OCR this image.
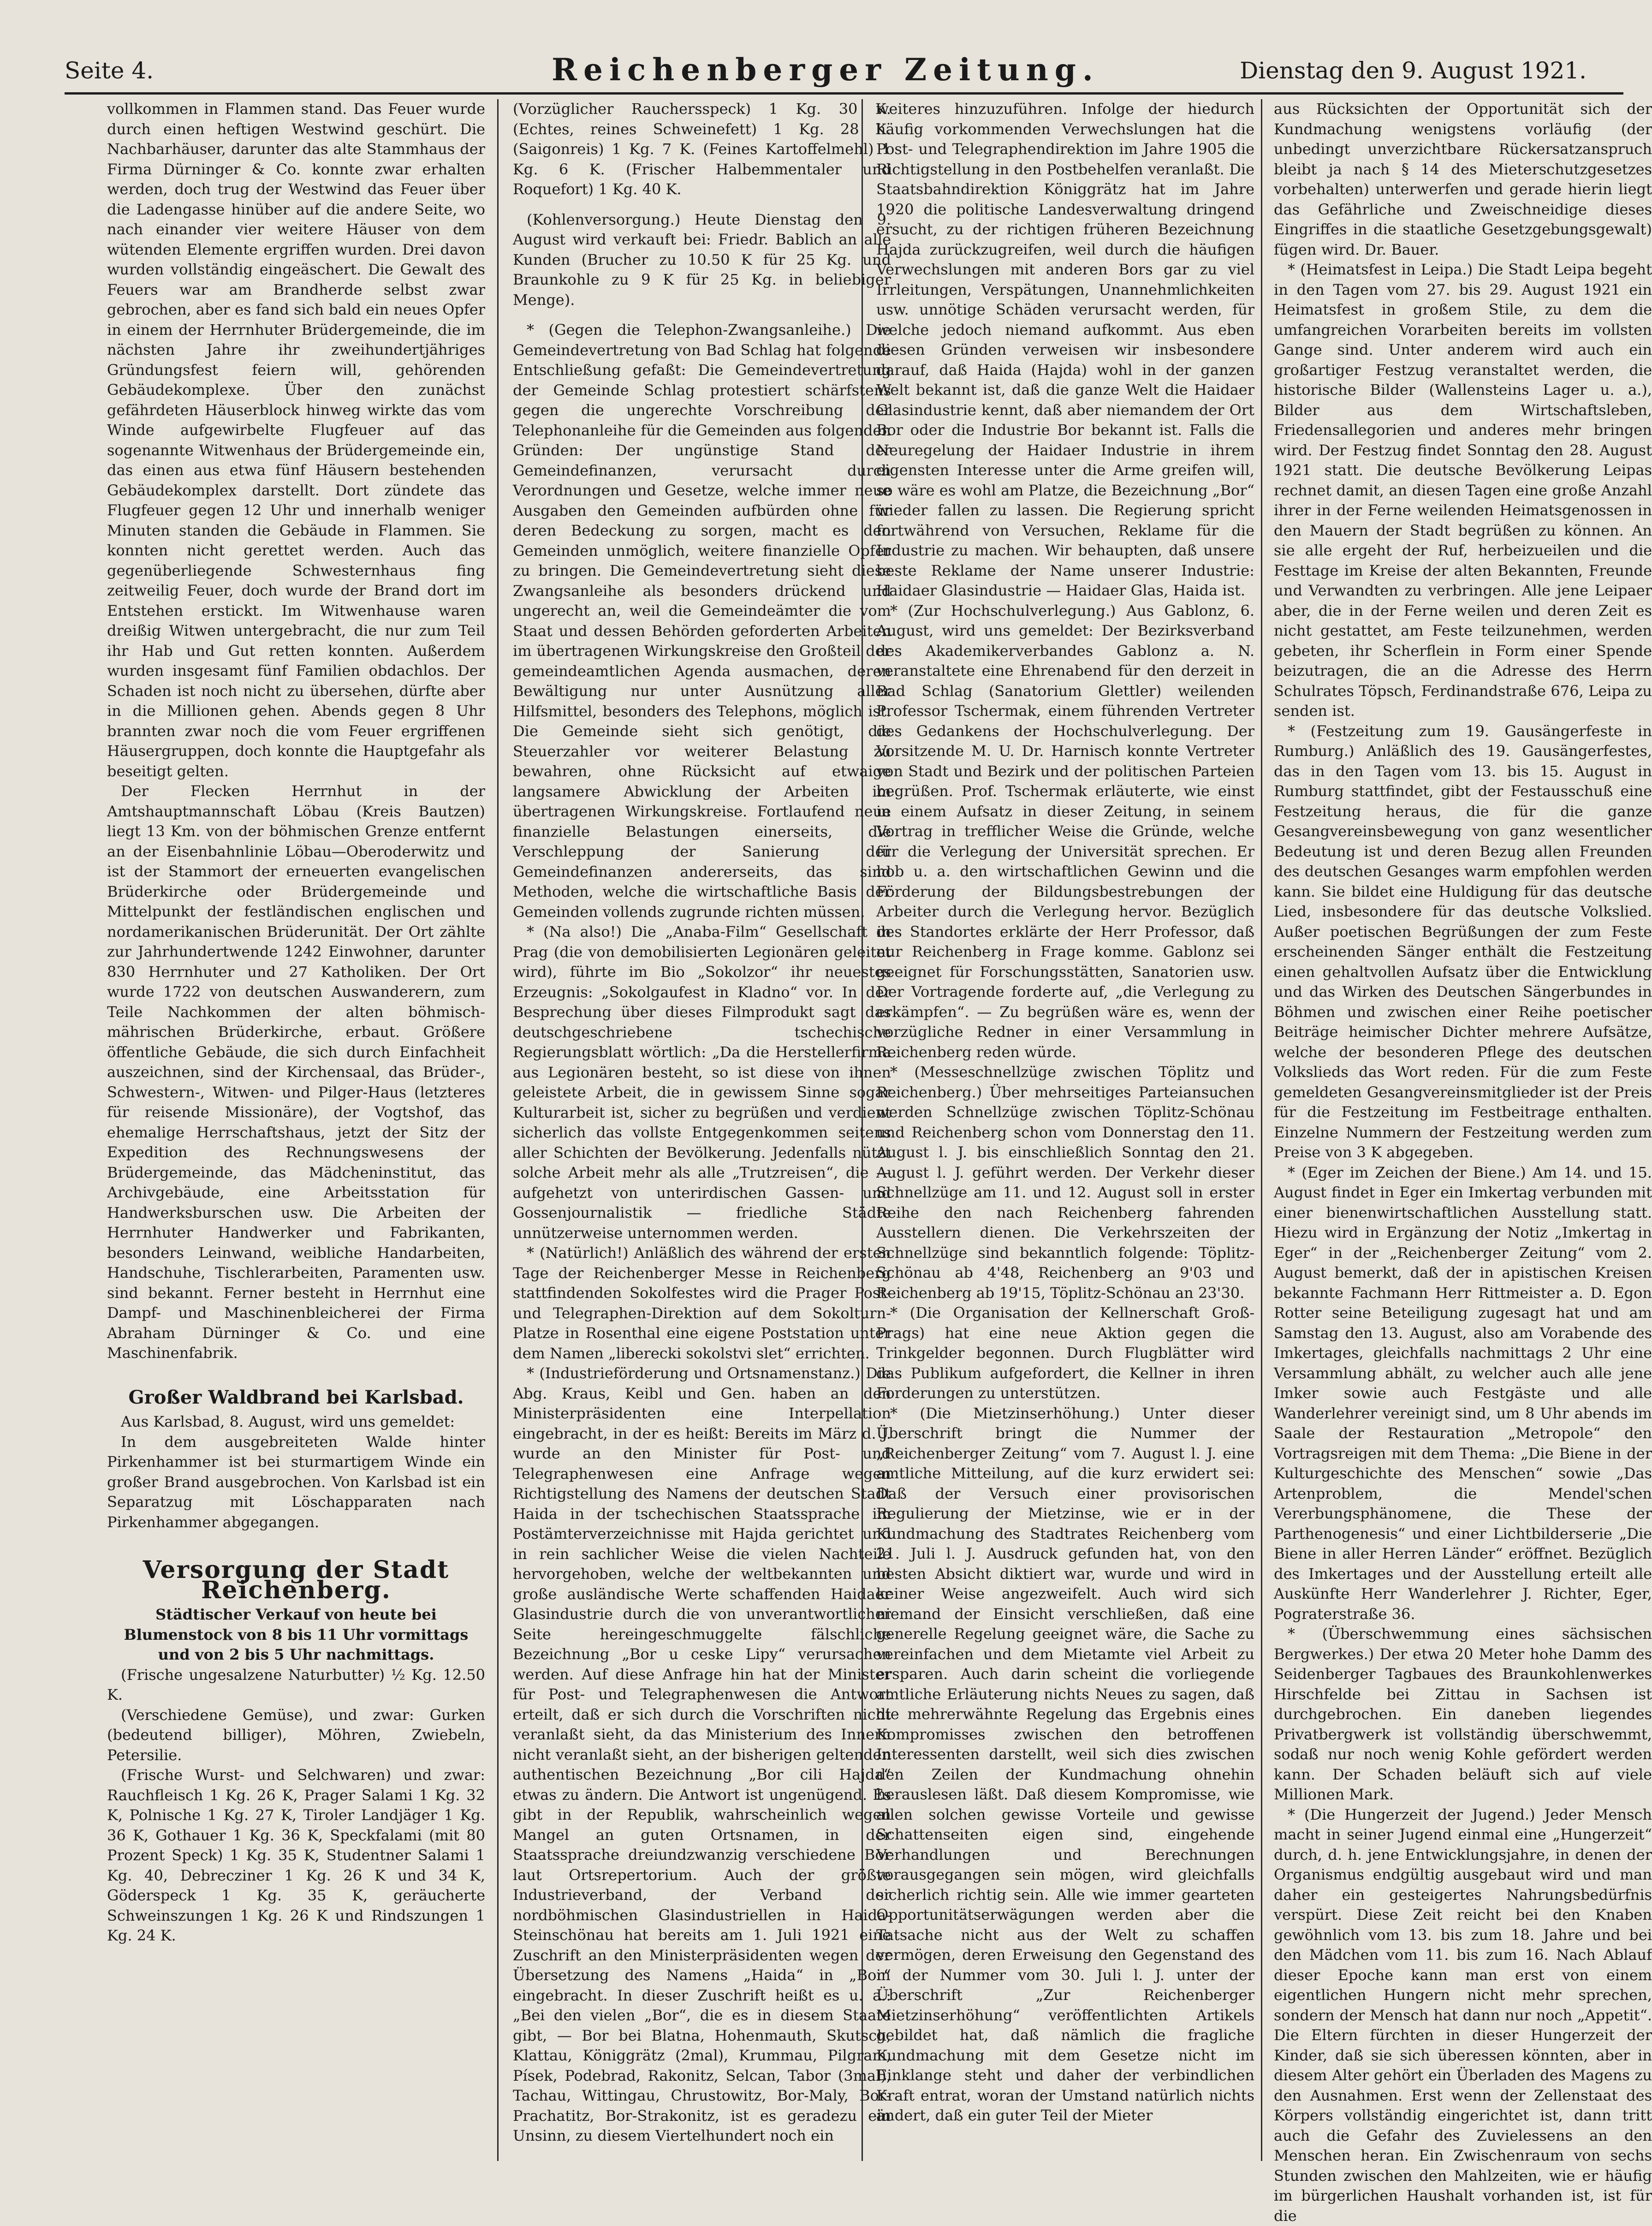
Seite 4.	Reichenberger Zeitung.	Dienstag den 9. August 1921.

vollkommen in Flammen stand. Das Feuer wurde durch einen heftigen Westwind geschürt. Die Nachbarhäuser, darunter das alte Stammhaus der Firma Dürninger & Co. konnte zwar erhalten werden, doch trug der Westwind das Feuer über die Ladengasse hinüber auf die andere Seite, wo nach einander vier weitere Häuser von dem wütenden Elemente ergriffen wurden. Drei davon wurden vollständig eingeäschert. Die Gewalt des Feuers war am Brandherde selbst zwar gebrochen, aber es fand sich bald ein neues Opfer in einem der Herrnhuter Brüdergemeinde, die im nächsten Jahre ihr zweihundertjähriges Gründungsfest feiern will, gehörenden Gebäudekomplexe. Über den zunächst gefährdeten Häuserblock hinweg wirkte das vom Winde aufgewirbelte Flugfeuer auf das sogenannte Witwenhaus der Brüdergemeinde ein, das einen aus etwa fünf Häusern bestehenden Gebäudekomplex darstellt. Dort zündete das Flugfeuer gegen 12 Uhr und innerhalb weniger Minuten standen die Gebäude in Flammen. Sie konnten nicht gerettet werden. Auch das gegenüberliegende Schwesternhaus fing zeitweilig Feuer, doch wurde der Brand dort im Entstehen erstickt. Im Witwenhause waren dreißig Witwen untergebracht, die nur zum Teil ihr Hab und Gut retten konnten. Außerdem wurden insgesamt fünf Familien obdachlos. Der Schaden ist noch nicht zu übersehen, dürfte aber in die Millionen gehen. Abends gegen 8 Uhr brannten zwar noch die vom Feuer ergriffenen Häusergruppen, doch konnte die Hauptgefahr als beseitigt gelten.

Der Flecken Herrnhut in der Amtshauptmannschaft Löbau (Kreis Bautzen) liegt 13 Km. von der böhmischen Grenze entfernt an der Eisenbahnlinie Löbau—Oberoderwitz und ist der Stammort der erneuerten evangelischen Brüderkirche oder Brüdergemeinde und Mittelpunkt der festländischen englischen und nordamerikanischen Brüderunität. Der Ort zählte zur Jahrhundertwende 1242 Einwohner, darunter 830 Herrnhuter und 27 Katholiken. Der Ort wurde 1722 von deutschen Auswanderern, zum Teile Nachkommen der alten böhmisch-mährischen Brüderkirche, erbaut. Größere öffentliche Gebäude, die sich durch Einfachheit auszeichnen, sind der Kirchensaal, das Brüder-, Schwestern-, Witwen- und Pilger-Haus (letzteres für reisende Missionäre), der Vogtshof, das ehemalige Herrschaftshaus, jetzt der Sitz der Expedition des Rechnungswesens der Brüdergemeinde, das Mädcheninstitut, das Archivgebäude, eine Arbeitsstation für Handwerksburschen usw. Die Arbeiten der Herrnhuter Handwerker und Fabrikanten, besonders Leinwand, weibliche Handarbeiten, Handschuhe, Tischlerarbeiten, Paramenten usw. sind bekannt. Ferner besteht in Herrnhut eine Dampf- und Maschinenbleicherei der Firma Abraham Dürninger & Co. und eine Maschinenfabrik.

Großer Waldbrand bei Karlsbad.

Aus Karlsbad, 8. August, wird uns gemeldet:

In dem ausgebreiteten Walde hinter Pirkenhammer ist bei sturmartigem Winde ein großer Brand ausgebrochen. Von Karlsbad ist ein Separatzug mit Löschapparaten nach Pirkenhammer abgegangen.

Versorgung der Stadt Reichenberg.

Städtischer Verkauf von heute bei Blumenstock von 8 bis 11 Uhr vormittags und von 2 bis 5 Uhr nachmittags.

(Frische ungesalzene Naturbutter) ½ Kg. 12.50 K.

(Verschiedene Gemüse), und zwar: Gurken (bedeutend billiger), Möhren, Zwiebeln, Petersilie.

(Frische Wurst- und Selchwaren) und zwar: Rauchfleisch 1 Kg. 26 K, Prager Salami 1 Kg. 32 K, Polnische 1 Kg. 27 K, Tiroler Landjäger 1 Kg. 36 K, Gothauer 1 Kg. 36 K, Speckfalami (mit 80 Prozent Speck) 1 Kg. 35 K, Studentner Salami 1 Kg. 40, Debrecziner 1 Kg. 26 K und 34 K, Göderspeck 1 Kg. 35 K, geräucherte Schweinszungen 1 Kg. 26 K und Rindszungen 1 Kg. 24 K.

(Vorzüglicher Rauchersspeck) 1 Kg. 30 K. (Echtes, reines Schweinefett) 1 Kg. 28 K. (Saigonreis) 1 Kg. 7 K. (Feines Kartoffelmehl) 1 Kg. 6 K. (Frischer Halbemmentaler und Roquefort) 1 Kg. 40 K.

(Kohlenversorgung.) Heute Dienstag den 9. August wird verkauft bei: Friedr. Bablich an alle Kunden (Brucher zu 10.50 K für 25 Kg. und Braunkohle zu 9 K für 25 Kg. in beliebiger Menge).

* (Gegen die Telephon-Zwangsanleihe.) Die Gemeindevertretung von Bad Schlag hat folgende Entschließung gefaßt: Die Gemeindevertretung der Gemeinde Schlag protestiert schärfstens gegen die ungerechte Vorschreibung der Telephonanleihe für die Gemeinden aus folgenden Gründen: Der ungünstige Stand der Gemeindefinanzen, verursacht durch Verordnungen und Gesetze, welche immer neue Ausgaben den Gemeinden aufbürden ohne für deren Bedeckung zu sorgen, macht es den Gemeinden unmöglich, weitere finanzielle Opfer zu bringen. Die Gemeindevertretung sieht diese Zwangsanleihe als besonders drückend und ungerecht an, weil die Gemeindeämter die vom Staat und dessen Behörden geforderten Arbeiten im übertragenen Wirkungskreise den Großteil der gemeindeamtlichen Agenda ausmachen, deren Bewältigung nur unter Ausnützung aller Hilfsmittel, besonders des Telephons, möglich ist. Die Gemeinde sieht sich genötigt, die Steuerzahler vor weiterer Belastung zu bewahren, ohne Rücksicht auf etwaige langsamere Abwicklung der Arbeiten im übertragenen Wirkungskreise. Fortlaufend neue finanzielle Belastungen einerseits, die Verschleppung der Sanierung der Gemeindefinanzen andererseits, das sind Methoden, welche die wirtschaftliche Basis der Gemeinden vollends zugrunde richten müssen.

* (Na also!) Die „Anaba-Film“ Gesellschaft in Prag (die von demobilisierten Legionären geleitet wird), führte im Bio „Sokolzor“ ihr neuestes Erzeugnis: „Sokolgaufest in Kladno“ vor. In der Besprechung über dieses Filmprodukt sagt das deutschgeschriebene tschechische Regierungsblatt wörtlich: „Da die Herstellerfirma aus Legionären besteht, so ist diese von ihnen geleistete Arbeit, die in gewissem Sinne sogar Kulturarbeit ist, sicher zu begrüßen und verdient sicherlich das vollste Entgegenkommen seitens aller Schichten der Bevölkerung. Jedenfalls nützt solche Arbeit mehr als alle „Trutzreisen“, die — aufgehetzt von unterirdischen Gassen- und Gossenjournalistik — friedliche Städte unnützerweise unternommen werden.

* (Natürlich!) Anläßlich des während der ersten Tage der Reichenberger Messe in Reichenberg stattfindenden Sokolfestes wird die Prager Post- und Telegraphen-Direktion auf dem Sokolturn-Platze in Rosenthal eine eigene Poststation unter dem Namen „liberecki sokolstvi slet“ errichten.

* (Industrieförderung und Ortsnamenstanz.) Die Abg. Kraus, Keibl und Gen. haben an den Ministerpräsidenten eine Interpellation eingebracht, in der es heißt: Bereits im März d. J. wurde an den Minister für Post- und Telegraphenwesen eine Anfrage wegen Richtigstellung des Namens der deutschen Stadt Haida in der tschechischen Staatssprache im Postämterverzeichnisse mit Hajda gerichtet und in rein sachlicher Weise die vielen Nachteile hervorgehoben, welche der weltbekannten und große ausländische Werte schaffenden Haidaer Glasindustrie durch die von unverantwortlicher Seite hereingeschmuggelte fälschliche Bezeichnung „Bor u ceske Lipy“ verursachen werden. Auf diese Anfrage hin hat der Minister für Post- und Telegraphenwesen die Antwort erteilt, daß er sich durch die Vorschriften nicht veranlaßt sieht, da das Ministerium des Innern nicht veranlaßt sieht, an der bisherigen geltenden authentischen Bezeichnung „Bor cili Hajda“ etwas zu ändern. Die Antwort ist ungenügend. Es gibt in der Republik, wahrscheinlich wegen Mangel an guten Ortsnamen, in der Staatssprache dreiundzwanzig verschiedene Bor laut Ortsrepertorium. Auch der größte Industrieverband, der Verband der nordböhmischen Glasindustriellen in Haida-Steinschönau hat bereits am 1. Juli 1921 eine Zuschrift an den Ministerpräsidenten wegen der Übersetzung des Namens „Haida“ in „Bor“ eingebracht. In dieser Zuschrift heißt es u. a.: „Bei den vielen „Bor“, die es in diesem Staate gibt, — Bor bei Blatna, Hohenmauth, Skutsch, Klattau, Königgrätz (2mal), Krummau, Pilgram, Písek, Podebrad, Rakonitz, Selcan, Tabor (3mal), Tachau, Wittingau, Chrustowitz, Bor-Maly, Bor-Prachatitz, Bor-Strakonitz, ist es geradezu ein Unsinn, zu diesem Viertelhundert noch ein

weiteres hinzuzuführen. Infolge der hiedurch häufig vorkommenden Verwechslungen hat die Post- und Telegraphendirektion im Jahre 1905 die Richtigstellung in den Postbehelfen veranlaßt. Die Staatsbahndirektion Königgrätz hat im Jahre 1920 die politische Landesverwaltung dringend ersucht, zu der richtigen früheren Bezeichnung Hajda zurückzugreifen, weil durch die häufigen Verwechslungen mit anderen Bors gar zu viel Irrleitungen, Verspätungen, Unannehmlichkeiten usw. unnötige Schäden verursacht werden, für welche jedoch niemand aufkommt. Aus eben diesen Gründen verweisen wir insbesondere darauf, daß Haida (Hajda) wohl in der ganzen Welt bekannt ist, daß die ganze Welt die Haidaer Glasindustrie kennt, daß aber niemandem der Ort Bor oder die Industrie Bor bekannt ist. Falls die Neuregelung der Haidaer Industrie in ihrem eigensten Interesse unter die Arme greifen will, so wäre es wohl am Platze, die Bezeichnung „Bor“ wieder fallen zu lassen. Die Regierung spricht fortwährend von Versuchen, Reklame für die Industrie zu machen. Wir behaupten, daß unsere beste Reklame der Name unserer Industrie: Haidaer Glasindustrie — Haidaer Glas, Haida ist.

* (Zur Hochschulverlegung.) Aus Gablonz, 6. August, wird uns gemeldet: Der Bezirksverband des Akademikerverbandes Gablonz a. N. veranstaltete eine Ehrenabend für den derzeit in Bad Schlag (Sanatorium Glettler) weilenden Professor Tschermak, einem führenden Vertreter des Gedankens der Hochschulverlegung. Der Vorsitzende M. U. Dr. Harnisch konnte Vertreter von Stadt und Bezirk und der politischen Parteien begrüßen. Prof. Tschermak erläuterte, wie einst in einem Aufsatz in dieser Zeitung, in seinem Vortrag in trefflicher Weise die Gründe, welche für die Verlegung der Universität sprechen. Er hob u. a. den wirtschaftlichen Gewinn und die Förderung der Bildungsbestrebungen der Arbeiter durch die Verlegung hervor. Bezüglich des Standortes erklärte der Herr Professor, daß nur Reichenberg in Frage komme. Gablonz sei geeignet für Forschungsstätten, Sanatorien usw. Der Vortragende forderte auf, „die Verlegung zu erkämpfen“. — Zu begrüßen wäre es, wenn der vorzügliche Redner in einer Versammlung in Reichenberg reden würde.

* (Messeschnellzüge zwischen Töplitz und Reichenberg.) Über mehrseitiges Parteiansuchen werden Schnellzüge zwischen Töplitz-Schönau und Reichenberg schon vom Donnerstag den 11. August l. J. bis einschließlich Sonntag den 21. August l. J. geführt werden. Der Verkehr dieser Schnellzüge am 11. und 12. August soll in erster Reihe den nach Reichenberg fahrenden Ausstellern dienen. Die Verkehrszeiten der Schnellzüge sind bekanntlich folgende: Töplitz-Schönau ab 4'48, Reichenberg an 9'03 und Reichenberg ab 19'15, Töplitz-Schönau an 23'30.

* (Die Organisation der Kellnerschaft Groß-Prags) hat eine neue Aktion gegen die Trinkgelder begonnen. Durch Flugblätter wird das Publikum aufgefordert, die Kellner in ihren Forderungen zu unterstützen.

* (Die Mietzinserhöhung.) Unter dieser Überschrift bringt die Nummer der „Reichenberger Zeitung“ vom 7. August l. J. eine amtliche Mitteilung, auf die kurz erwidert sei: Daß der Versuch einer provisorischen Regulierung der Mietzinse, wie er in der Kundmachung des Stadtrates Reichenberg vom 21. Juli l. J. Ausdruck gefunden hat, von den besten Absicht diktiert war, wurde und wird in keiner Weise angezweifelt. Auch wird sich niemand der Einsicht verschließen, daß eine generelle Regelung geeignet wäre, die Sache zu vereinfachen und dem Mietamte viel Arbeit zu ersparen. Auch darin scheint die vorliegende amtliche Erläuterung nichts Neues zu sagen, daß die mehrerwähnte Regelung das Ergebnis eines Kompromisses zwischen den betroffenen Interessenten darstellt, weil sich dies zwischen den Zeilen der Kundmachung ohnehin herauslesen läßt. Daß diesem Kompromisse, wie allen solchen gewisse Vorteile und gewisse Schattenseiten eigen sind, eingehende Verhandlungen und Berechnungen vorausgegangen sein mögen, wird gleichfalls sicherlich richtig sein. Alle wie immer gearteten Opportunitätserwägungen werden aber die Tatsache nicht aus der Welt zu schaffen vermögen, deren Erweisung den Gegenstand des in der Nummer vom 30. Juli l. J. unter der Überschrift „Zur Reichenberger Mietzinserhöhung“ veröffentlichten Artikels gebildet hat, daß nämlich die fragliche Kundmachung mit dem Gesetze nicht im Einklange steht und daher der verbindlichen Kraft entrat, woran der Umstand natürlich nichts ändert, daß ein guter Teil der Mieter

aus Rücksichten der Opportunität sich der Kundmachung wenigstens vorläufig (der unbedingt unverzichtbare Rückersatzanspruch bleibt ja nach § 14 des Mieterschutzgesetzes vorbehalten) unterwerfen und gerade hierin liegt das Gefährliche und Zweischneidige dieses Eingriffes in die staatliche Gesetzgebungsgewalt) fügen wird. Dr. Bauer.

* (Heimatsfest in Leipa.) Die Stadt Leipa begeht in den Tagen vom 27. bis 29. August 1921 ein Heimatsfest in großem Stile, zu dem die umfangreichen Vorarbeiten bereits im vollsten Gange sind. Unter anderem wird auch ein großartiger Festzug veranstaltet werden, die historische Bilder (Wallensteins Lager u. a.), Bilder aus dem Wirtschaftsleben, Friedensallegorien und anderes mehr bringen wird. Der Festzug findet Sonntag den 28. August 1921 statt. Die deutsche Bevölkerung Leipas rechnet damit, an diesen Tagen eine große Anzahl ihrer in der Ferne weilenden Heimatsgenossen in den Mauern der Stadt begrüßen zu können. An sie alle ergeht der Ruf, herbeizueilen und die Festtage im Kreise der alten Bekannten, Freunde und Verwandten zu verbringen. Alle jene Leipaer aber, die in der Ferne weilen und deren Zeit es nicht gestattet, am Feste teilzunehmen, werden gebeten, ihr Scherflein in Form einer Spende beizutragen, die an die Adresse des Herrn Schulrates Töpsch, Ferdinandstraße 676, Leipa zu senden ist.

* (Festzeitung zum 19. Gausängerfeste in Rumburg.) Anläßlich des 19. Gausängerfestes, das in den Tagen vom 13. bis 15. August in Rumburg stattfindet, gibt der Festausschuß eine Festzeitung heraus, die für die ganze Gesangvereinsbewegung von ganz wesentlicher Bedeutung ist und deren Bezug allen Freunden des deutschen Gesanges warm empfohlen werden kann. Sie bildet eine Huldigung für das deutsche Lied, insbesondere für das deutsche Volkslied. Außer poetischen Begrüßungen der zum Feste erscheinenden Sänger enthält die Festzeitung einen gehaltvollen Aufsatz über die Entwicklung und das Wirken des Deutschen Sängerbundes in Böhmen und zwischen einer Reihe poetischer Beiträge heimischer Dichter mehrere Aufsätze, welche der besonderen Pflege des deutschen Volkslieds das Wort reden. Für die zum Feste gemeldeten Gesangvereinsmitglieder ist der Preis für die Festzeitung im Festbeitrage enthalten. Einzelne Nummern der Festzeitung werden zum Preise von 3 K abgegeben.

* (Eger im Zeichen der Biene.) Am 14. und 15. August findet in Eger ein Imkertag verbunden mit einer bienenwirtschaftlichen Ausstellung statt. Hiezu wird in Ergänzung der Notiz „Imkertag in Eger“ in der „Reichenberger Zeitung“ vom 2. August bemerkt, daß der in apistischen Kreisen bekannte Fachmann Herr Rittmeister a. D. Egon Rotter seine Beteiligung zugesagt hat und am Samstag den 13. August, also am Vorabende des Imkertages, gleichfalls nachmittags 2 Uhr eine Versammlung abhält, zu welcher auch alle jene Imker sowie auch Festgäste und alle Wanderlehrer vereinigt sind, um 8 Uhr abends im Saale der Restauration „Metropole“ den Vortragsreigen mit dem Thema: „Die Biene in der Kulturgeschichte des Menschen“ sowie „Das Artenproblem, die Mendel'schen Vererbungsphänomene, die These der Parthenogenesis“ und einer Lichtbilderserie „Die Biene in aller Herren Länder“ eröffnet. Bezüglich des Imkertages und der Ausstellung erteilt alle Auskünfte Herr Wanderlehrer J. Richter, Eger, Pograterstraße 36.

* (Überschwemmung eines sächsischen Bergwerkes.) Der etwa 20 Meter hohe Damm des Seidenberger Tagbaues des Braunkohlenwerkes Hirschfelde bei Zittau in Sachsen ist durchgebrochen. Ein daneben liegendes Privatbergwerk ist vollständig überschwemmt, sodaß nur noch wenig Kohle gefördert werden kann. Der Schaden beläuft sich auf viele Millionen Mark.

* (Die Hungerzeit der Jugend.) Jeder Mensch macht in seiner Jugend einmal eine „Hungerzeit“ durch, d. h. jene Entwicklungsjahre, in denen der Organismus endgültig ausgebaut wird und man daher ein gesteigertes Nahrungsbedürfnis verspürt. Diese Zeit reicht bei den Knaben gewöhnlich vom 13. bis zum 18. Jahre und bei den Mädchen vom 11. bis zum 16. Nach Ablauf dieser Epoche kann man erst von einem eigentlichen Hungern nicht mehr sprechen, sondern der Mensch hat dann nur noch „Appetit“. Die Eltern fürchten in dieser Hungerzeit der Kinder, daß sie sich überessen könnten, aber in diesem Alter gehört ein Überladen des Magens zu den Ausnahmen. Erst wenn der Zellenstaat des Körpers vollständig eingerichtet ist, dann tritt auch die Gefahr des Zuvielessens an den Menschen heran. Ein Zwischenraum von sechs Stunden zwischen den Mahlzeiten, wie er häufig im bürgerlichen Haushalt vorhanden ist, ist für die
